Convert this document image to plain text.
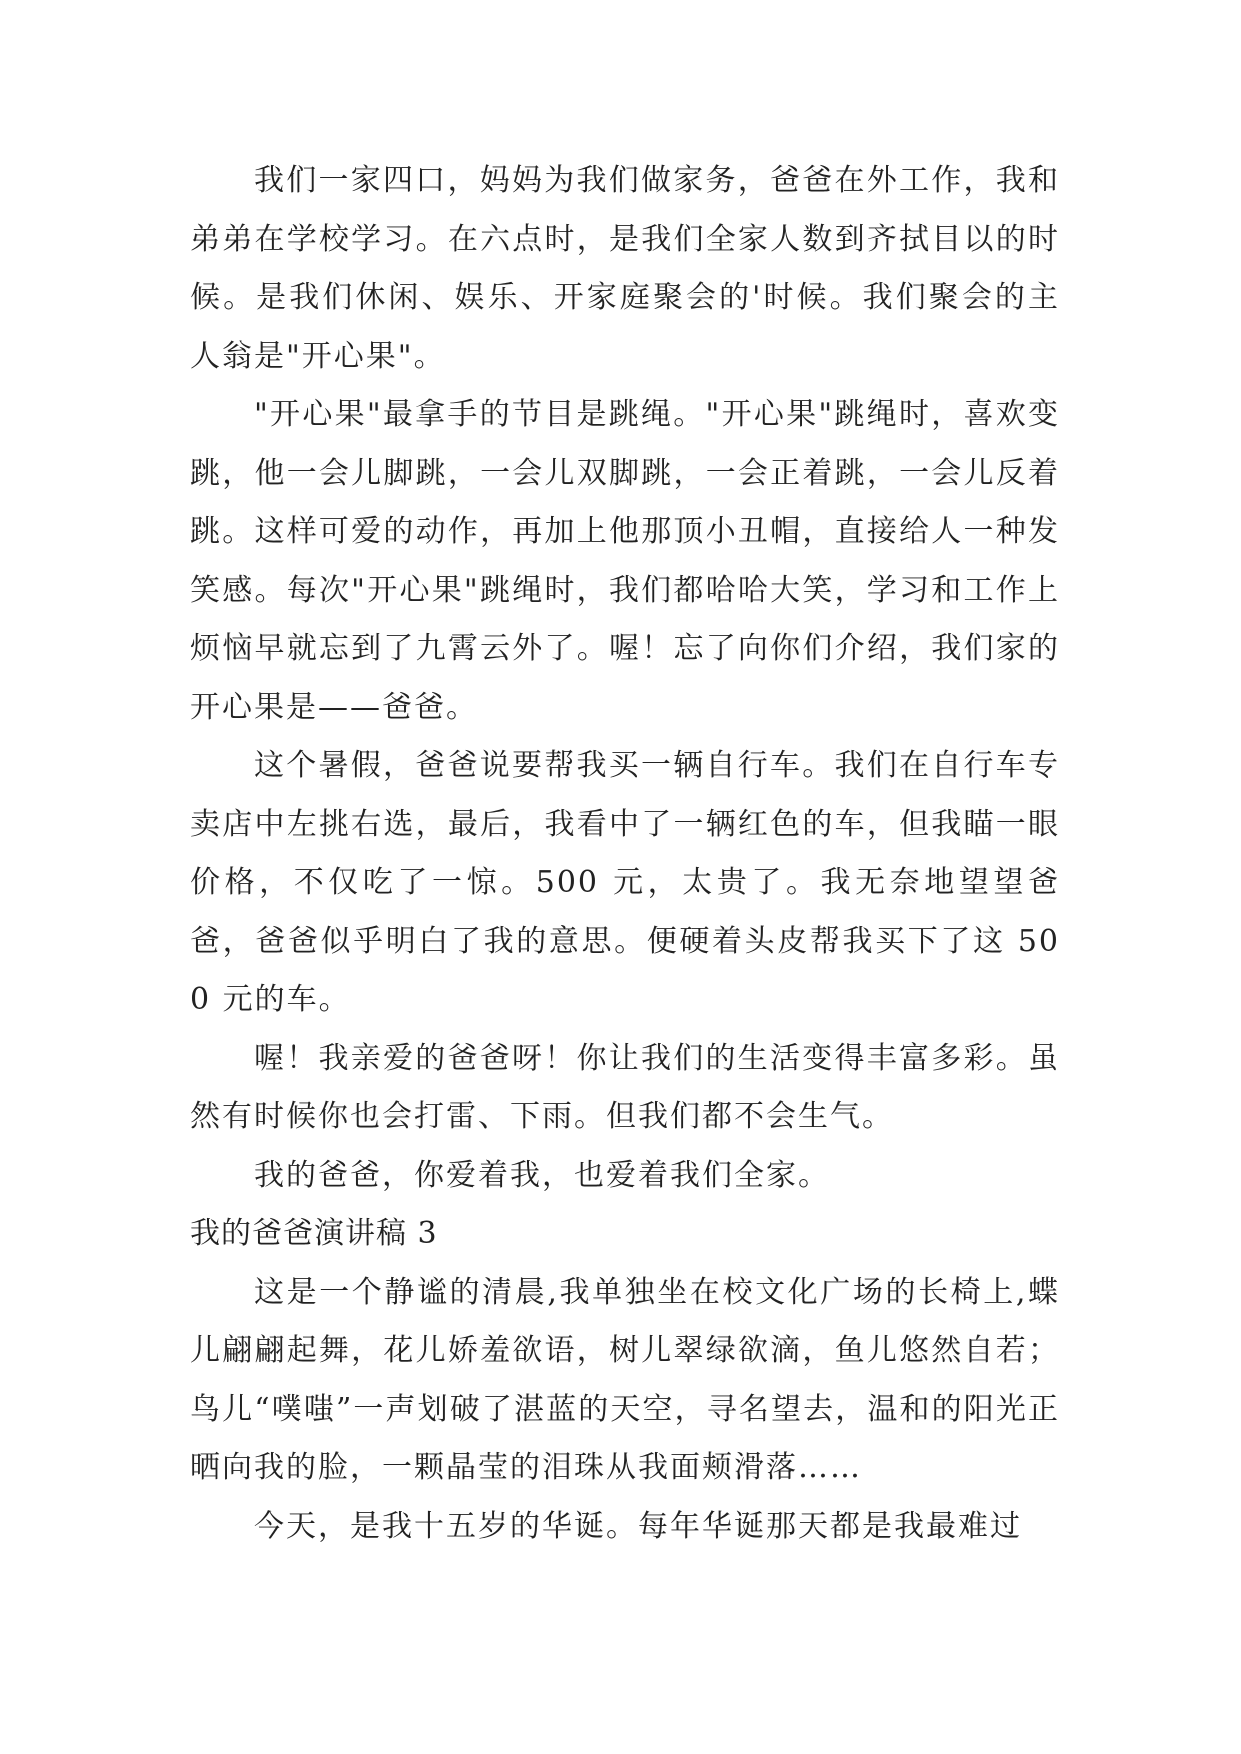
我们一家四口，妈妈为我们做家务，爸爸在外工作，我和弟弟在学校学习。在六点时，是我们全家人数到齐拭目以的时候。是我们休闲、娱乐、开家庭聚会的'时候。我们聚会的主人翁是"开心果"。

"开心果"最拿手的节目是跳绳。"开心果"跳绳时，喜欢变跳，他一会儿脚跳，一会儿双脚跳，一会正着跳，一会儿反着跳。这样可爱的动作，再加上他那顶小丑帽，直接给人一种发笑感。每次"开心果"跳绳时，我们都哈哈大笑，学习和工作上烦恼早就忘到了九霄云外了。喔！忘了向你们介绍，我们家的开心果是——爸爸。

这个暑假，爸爸说要帮我买一辆自行车。我们在自行车专卖店中左挑右选，最后，我看中了一辆红色的车，但我瞄一眼价格，不仅吃了一惊。500 元，太贵了。我无奈地望望爸爸，爸爸似乎明白了我的意思。便硬着头皮帮我买下了这 500 元的车。

喔！我亲爱的爸爸呀！你让我们的生活变得丰富多彩。虽然有时候你也会打雷、下雨。但我们都不会生气。

我的爸爸，你爱着我，也爱着我们全家。

我的爸爸演讲稿 3

这是一个静谧的清晨,我单独坐在校文化广场的长椅上,蝶儿翩翩起舞，花儿娇羞欲语，树儿翠绿欲滴，鱼儿悠然自若；鸟儿“噗嗤”一声划破了湛蓝的天空，寻名望去，温和的阳光正晒向我的脸，一颗晶莹的泪珠从我面颊滑落……

今天，是我十五岁的华诞。每年华诞那天都是我最难过
